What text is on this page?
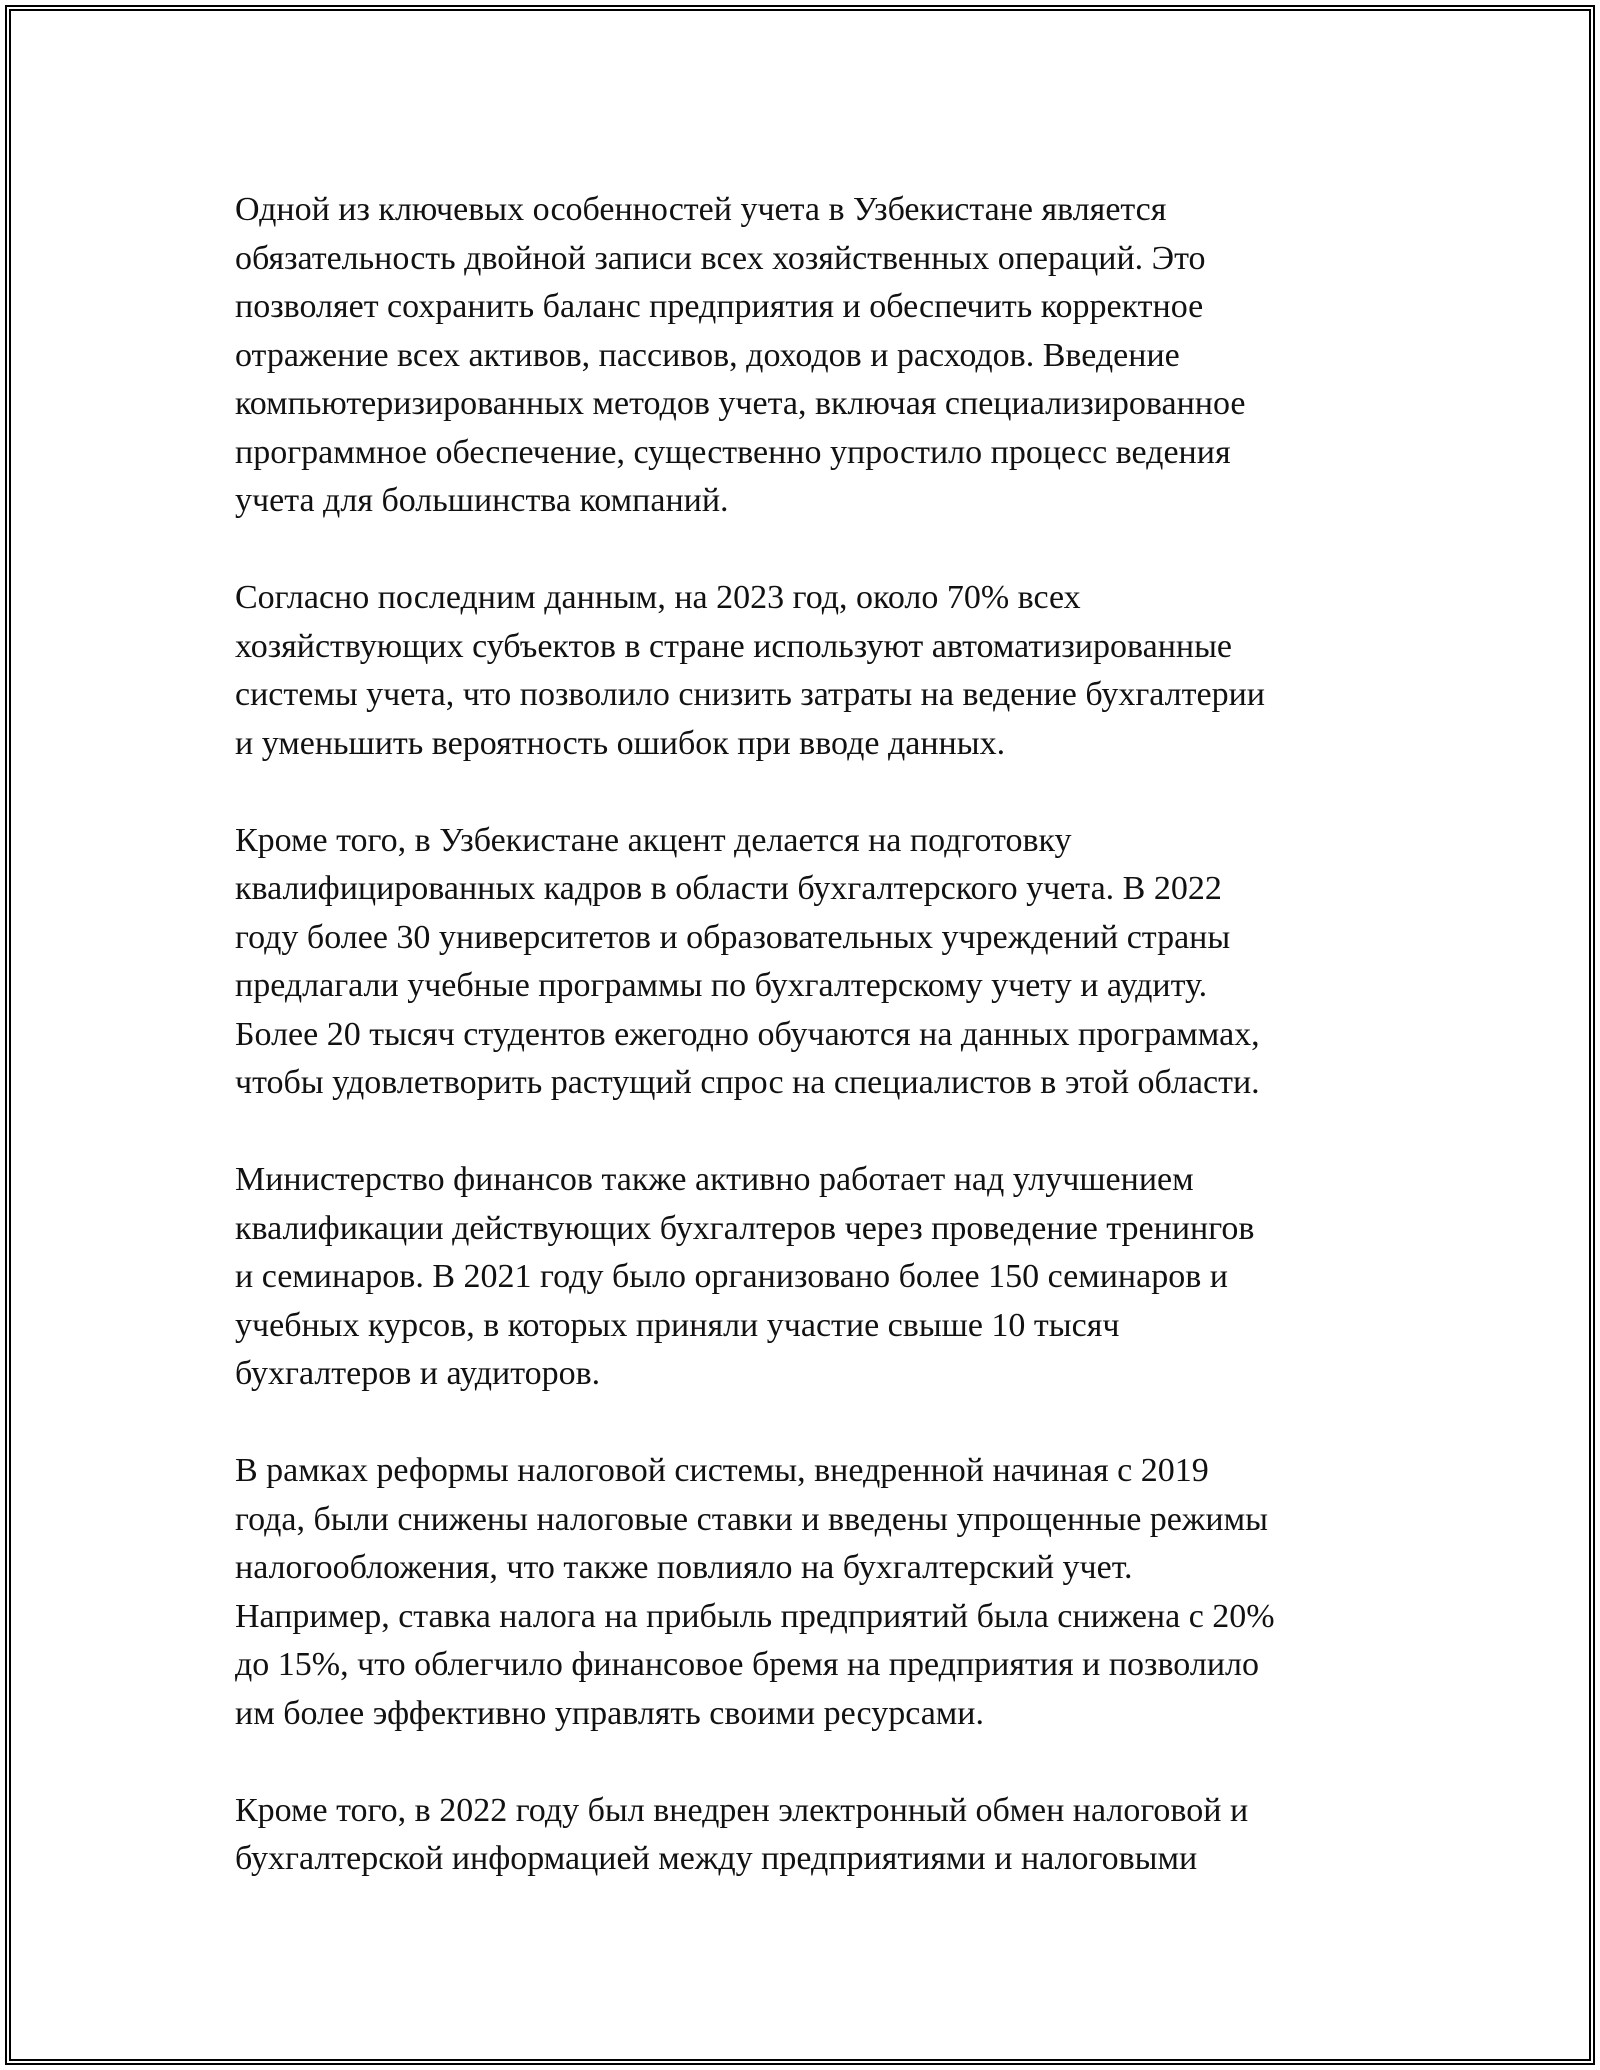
Одной из ключевых особенностей учета в Узбекистане является
обязательность двойной записи всех хозяйственных операций. Это
позволяет сохранить баланс предприятия и обеспечить корректное
отражение всех активов, пассивов, доходов и расходов. Введение
компьютеризированных методов учета, включая специализированное
программное обеспечение, существенно упростило процесс ведения
учета для большинства компаний.

Согласно последним данным, на 2023 год, около 70% всех
хозяйствующих субъектов в стране используют автоматизированные
системы учета, что позволило снизить затраты на ведение бухгалтерии
и уменьшить вероятность ошибок при вводе данных.

Кроме того, в Узбекистане акцент делается на подготовку
квалифицированных кадров в области бухгалтерского учета. В 2022
году более 30 университетов и образовательных учреждений страны
предлагали учебные программы по бухгалтерскому учету и аудиту.
Более 20 тысяч студентов ежегодно обучаются на данных программах,
чтобы удовлетворить растущий спрос на специалистов в этой области.

Министерство финансов также активно работает над улучшением
квалификации действующих бухгалтеров через проведение тренингов
и семинаров. В 2021 году было организовано более 150 семинаров и
учебных курсов, в которых приняли участие свыше 10 тысяч
бухгалтеров и аудиторов.

В рамках реформы налоговой системы, внедренной начиная с 2019
года, были снижены налоговые ставки и введены упрощенные режимы
налогообложения, что также повлияло на бухгалтерский учет.
Например, ставка налога на прибыль предприятий была снижена с 20%
до 15%, что облегчило финансовое бремя на предприятия и позволило
им более эффективно управлять своими ресурсами.

Кроме того, в 2022 году был внедрен электронный обмен налоговой и
бухгалтерской информацией между предприятиями и налоговыми
